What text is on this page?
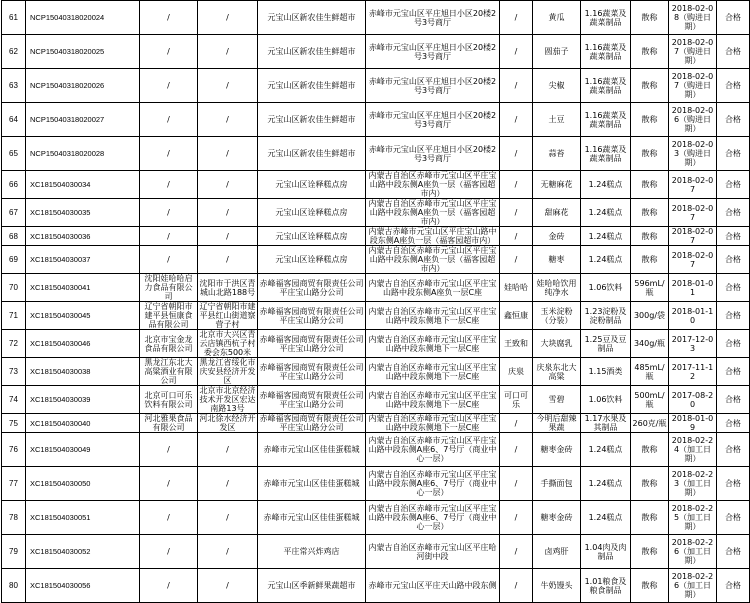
61	NCP15040318020024	/	/	元宝山区新农佳生鲜超市	赤峰市元宝山区平庄旭日小区20楼2号3号商厅	/	黄瓜	1.16蔬菜及蔬菜制品	散称	2018-02-08（购进日期）	合格
62	NCP15040318020025	/	/	元宝山区新农佳生鲜超市	赤峰市元宝山区平庄旭日小区20楼2号3号商厅	/	圆茄子	1.16蔬菜及蔬菜制品	散称	2018-02-07（购进日期）	合格
63	NCP15040318020026	/	/	元宝山区新农佳生鲜超市	赤峰市元宝山区平庄旭日小区20楼2号3号商厅	/	尖椒	1.16蔬菜及蔬菜制品	散称	2018-02-07（购进日期）	合格
64	NCP15040318020027	/	/	元宝山区新农佳生鲜超市	赤峰市元宝山区平庄旭日小区20楼2号3号商厅	/	土豆	1.16蔬菜及蔬菜制品	散称	2018-02-06（购进日期）	合格
65	NCP15040318020028	/	/	元宝山区新农佳生鲜超市	赤峰市元宝山区平庄旭日小区20楼2号3号商厅	/	蒜苔	1.16蔬菜及蔬菜制品	散称	2018-02-03（购进日期）	合格
66	XC181504030034	/	/	元宝山区诠释糕点房	内蒙古自治区赤峰市元宝山区平庄宝山路中段东侧A座负一层（福客园超市内）	/	无糖麻花	1.24糕点	散称	2018-02-07	合格
67	XC181504030035	/	/	元宝山区诠释糕点房	内蒙古自治区赤峰市元宝山区平庄宝山路中段东侧A座负一层（福客园超市内）	/	甜麻花	1.24糕点	散称	2018-02-07	合格
68	XC181504030036	/	/	元宝山区诠释糕点房	内蒙古赤峰市元宝山区平庄宝山路中段东侧A座负一层（福客园超市内）	/	金砖	1.24糕点	散称	2018-02-07	合格
69	XC181504030037	/	/	元宝山区诠释糕点房	内蒙古自治区赤峰市元宝山区平庄宝山路中段东侧A座负一层（福客园超市内）	/	糖枣	1.24糕点	散称	2018-02-07	合格
70	XC181504030041	沈阳娃哈哈启力食品有限公司	沈阳市于洪区青城山北路188号	赤峰福客园商贸有限责任公司平庄宝山路分公司	内蒙古自治区赤峰市元宝山区平庄宝山路中段东侧A座负一层C座	娃哈哈	娃哈哈饮用纯净水	1.06饮料	596mL/瓶	2018-01-01	合格
71	XC181504030045	辽宁省朝阳市建平县恒康食品有限公司	辽宁省朝阳市建平县红山街道察营子村	赤峰福客园商贸有限责任公司平庄宝山路分公司	内蒙古自治区赤峰市元宝山区平庄宝山路中段东侧地下一层C座	鑫恒康	玉米淀粉（分装）	1.23淀粉及淀粉制品	300g/袋	2018-01-10	合格
72	XC181504030046	北京市宝金龙食品有限公司	北京市大兴区青云店镇西杭子村委会东500米	赤峰福客园商贸有限责任公司平庄宝山路分公司	内蒙古自治区赤峰市元宝山区平庄宝山路中段东侧地下一层C座	王致和	大块腐乳	1.25豆及豆制品	340g/瓶	2017-12-03	合格
73	XC181504030038	黑龙江东北大高粱酒业有限公司	黑龙江省绥化市庆安县经济开发区	赤峰福客园商贸有限责任公司平庄宝山路分公司	内蒙古自治区赤峰市元宝山区平庄宝山路中段东侧地下一层C座	庆泉	庆泉东北大高粱	1.15酒类	485mL/瓶	2017-11-12	合格
74	XC181504030039	北京可口可乐饮料有限公司	北京市北京经济技术开发区宏达南路13号	赤峰福客园商贸有限责任公司平庄宝山路分公司	内蒙古自治区赤峰市元宝山区平庄宝山路中段东侧地下一层C座	可口可乐	雪碧	1.06饮料	500mL/瓶	2017-08-20	合格
75	XC181504030040	河北雅果食品有限公司	河北徐水经济开发区	赤峰福客园商贸有限责任公司平庄宝山路分公司	内蒙古自治区赤峰市元宝山区平庄宝山路中段东侧地下一层C座	/	今明后甜辣果蔬	1.17水果及其制品	260克/瓶	2018-01-09	合格
76	XC181504030049	/	/	赤峰市元宝山区佳佳蛋糕城	内蒙古自治区赤峰市元宝山区平庄宝山路中段东侧A座6、7号厅（商业中心一层）	/	糖枣金砖	1.24糕点	散称	2018-02-24（加工日期）	合格
77	XC181504030050	/	/	赤峰市元宝山区佳佳蛋糕城	内蒙古自治区赤峰市元宝山区平庄宝山路中段东侧A座6、7号厅（商业中心一层）	/	手撕面包	1.24糕点	散称	2018-02-23（加工日期）	合格
78	XC181504030051	/	/	赤峰市元宝山区佳佳蛋糕城	内蒙古自治区赤峰市元宝山区平庄宝山路中段东侧A座6、7号厅（商业中心一层）	/	糖枣金砖	1.24糕点	散称	2018-02-25（加工日期）	合格
79	XC181504030052	/	/	平庄常兴炸鸡店	内蒙古自治区赤峰市元宝山区平庄哈河街中段	/	卤鸡肝	1.04肉及肉制品	散称	2018-02-26（加工日期）	合格
80	XC181504030056	/	/	元宝山区季新鲜果蔬超市	赤峰市元宝山区平庄天山路中段东侧	/	牛奶馒头	1.01粮食及粮食制品	散称	2018-02-26（加工日期）	合格
